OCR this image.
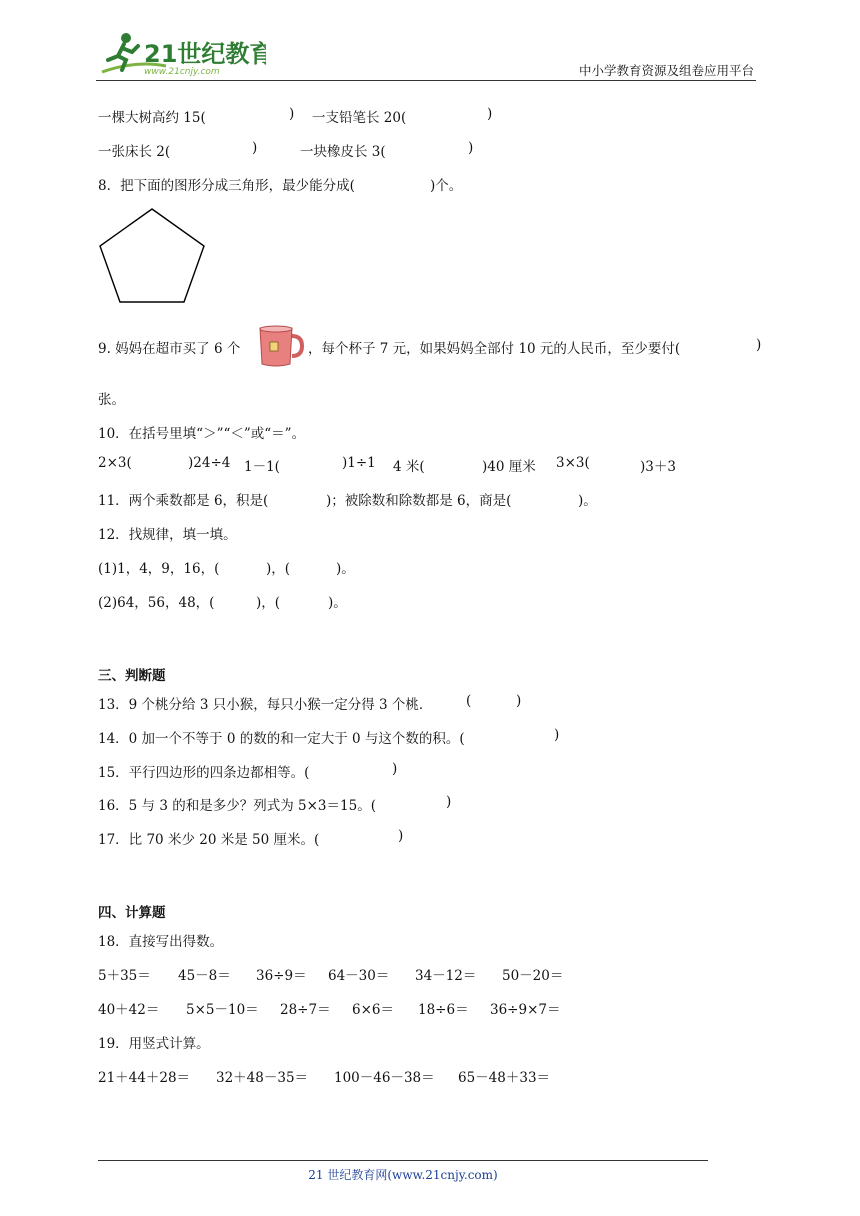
21世纪教育
www.21cnjy.com	中小学教育资源及组卷应用平台
一棵大树高约 15(	) 一支铅笔长 20(	)
一张床长 2(	)	一块橡皮长 3(	)
8．把下面的图形分成三角形，最少能分成(	)个。
9. 妈妈在超市买了 6 个	，每个杯子 7 元，如果妈妈全部付 10 元的人民币，至少要付(	)
张。
10．在括号里填“＞”“＜”或“＝”。
2×3(	)24÷4 1－1(	)1÷1 4 米(	)40 厘米 3×3(	)3＋3
11．两个乘数都是 6，积是(	)；被除数和除数都是 6，商是(	)。
12．找规律，填一填。
(1)1，4，9，16，(	)，(	)。
(2)64，56，48，(	)，(	)。
三、判断题
13．9 个桃分给 3 只小猴，每只小猴一定分得 3 个桃． (	)
14．0 加一个不等于 0 的数的和一定大于 0 与这个数的积。(	)
15．平行四边形的四条边都相等。(	)
16．5 与 3 的和是多少？列式为 5×3＝15。(	)
17．比 70 米少 20 米是 50 厘米。(	)
四、计算题
18．直接写出得数。
5＋35＝ 45－8＝ 36÷9＝ 64－30＝ 34－12＝ 50－20＝
40＋42＝ 5×5－10＝ 28÷7＝ 6×6＝ 18÷6＝ 36÷9×7＝
19．用竖式计算。
21＋44＋28＝ 32＋48－35＝ 100－46－38＝ 65－48＋33＝
21 世纪教育网(www.21cnjy.com)
